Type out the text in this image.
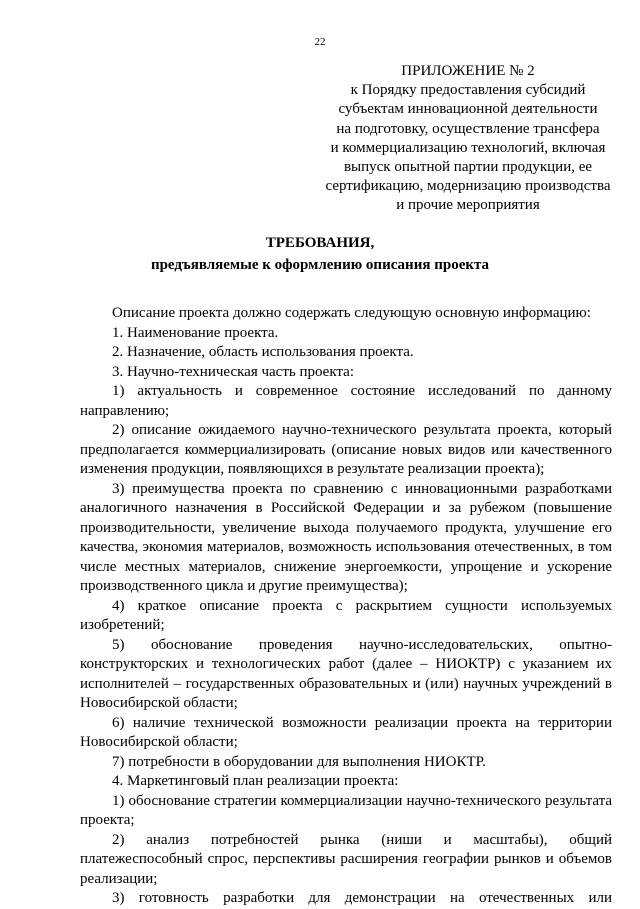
22
ПРИЛОЖЕНИЕ № 2
к Порядку предоставления субсидий
субъектам инновационной деятельности
на подготовку, осуществление трансфера
и коммерциализацию технологий, включая
выпуск опытной партии продукции, ее
сертификацию, модернизацию производства
и прочие мероприятия
ТРЕБОВАНИЯ,
предъявляемые к оформлению описания проекта

Описание проекта должно содержать следующую основную информацию:

1. Наименование проекта.

2. Назначение, область использования проекта.

3. Научно-техническая часть проекта:

1) актуальность и современное состояние исследований по данному направлению;

2) описание ожидаемого научно-технического результата проекта, который предполагается коммерциализировать (описание новых видов или качественного изменения продукции, появляющихся в результате реализации проекта);

3) преимущества проекта по сравнению с инновационными разработками аналогичного назначения в Российской Федерации и за рубежом (повышение производительности, увеличение выхода получаемого продукта, улучшение его качества, экономия материалов, возможность использования отечественных, в том числе местных материалов, снижение энергоемкости, упрощение и ускорение производственного цикла и другие преимущества);

4) краткое описание проекта с раскрытием сущности используемых изобретений;

5) обоснование проведения научно-исследовательских, опытно-конструкторских и технологических работ (далее – НИОКТР) с указанием их исполнителей – государственных образовательных и (или) научных учреждений в Новосибирской области;

6) наличие технической возможности реализации проекта на территории Новосибирской области;

7) потребности в оборудовании для выполнения НИОКТР.

4. Маркетинговый план реализации проекта:

1) обоснование стратегии коммерциализации научно-технического результата проекта;

2) анализ потребностей рынка (ниши и масштабы), общий платежеспособный спрос, перспективы расширения географии рынков и объемов реализации;

3) готовность разработки для демонстрации на отечественных или
